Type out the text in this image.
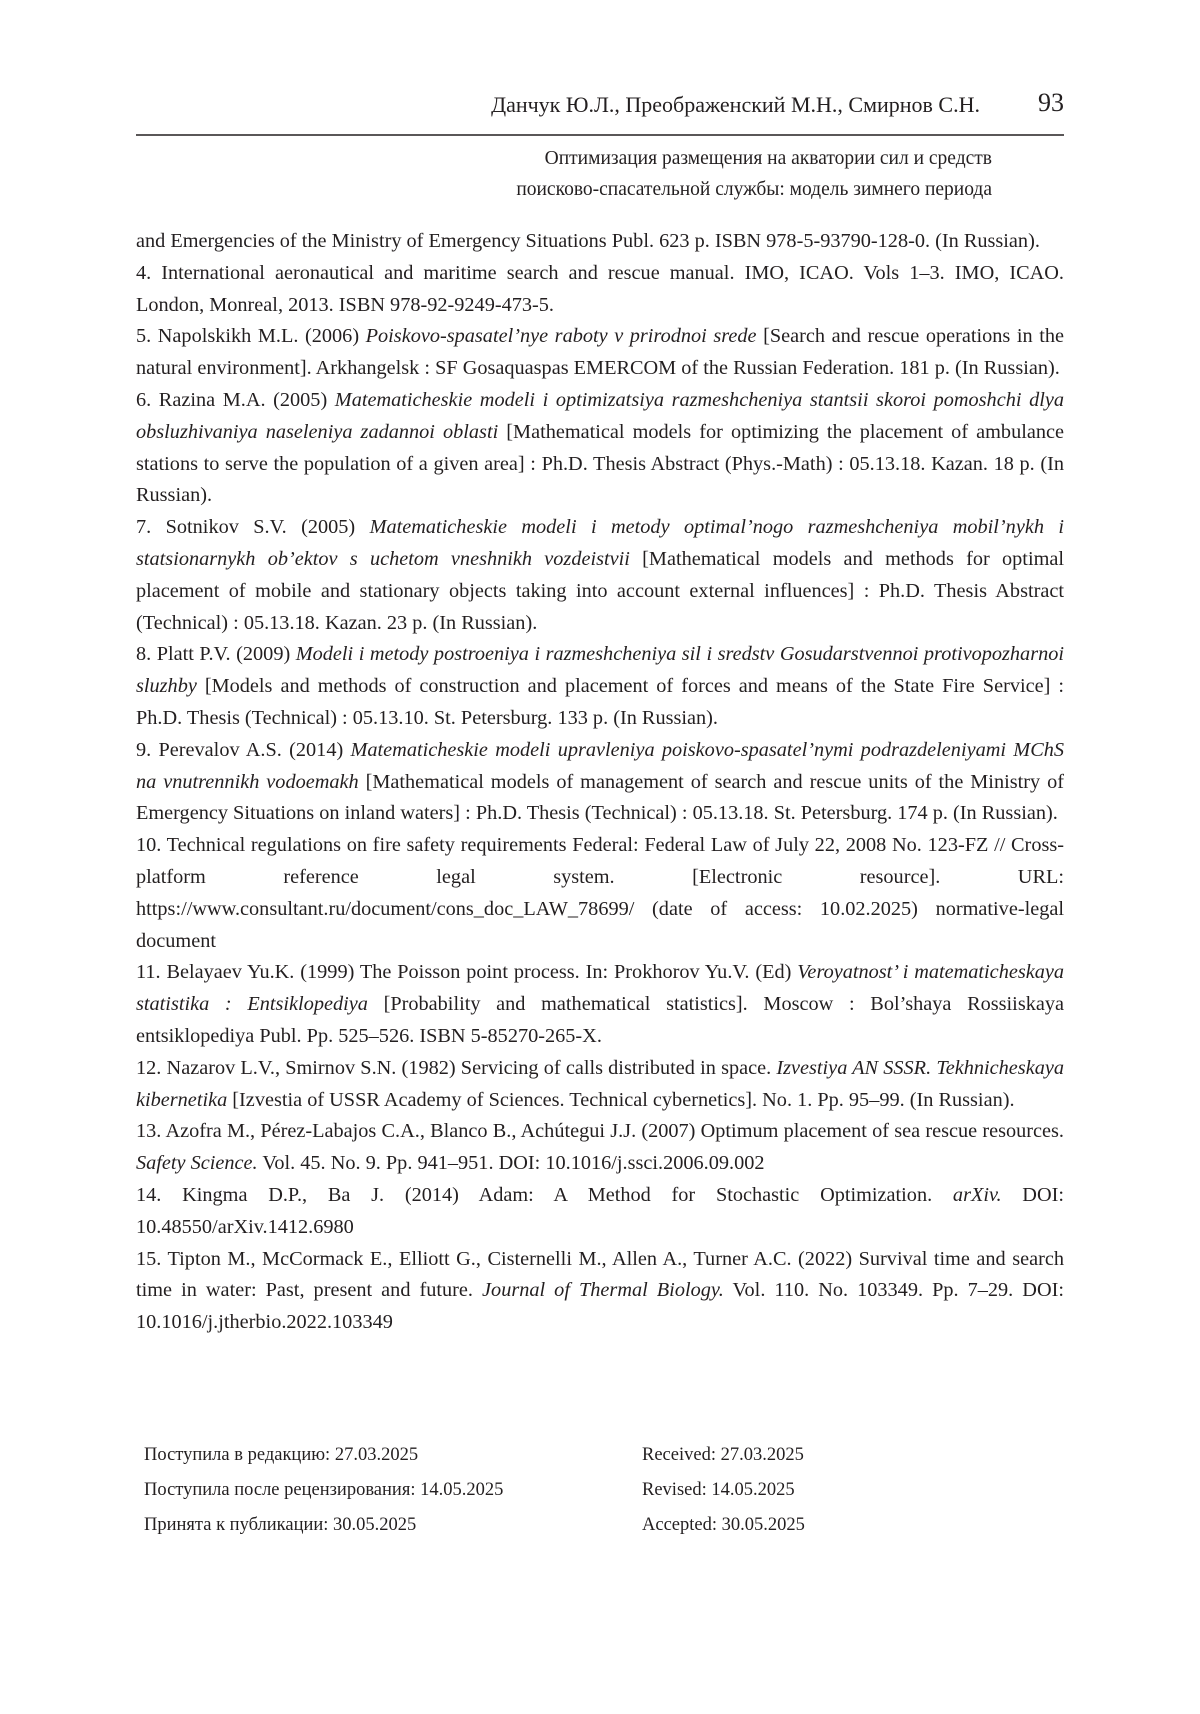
Данчук Ю.Л., Преображенский М.Н., Смирнов С.Н. 93
Оптимизация размещения на акватории сил и средств
поисково-спасательной службы: модель зимнего периода

and Emergencies of the Ministry of Emergency Situations Publ. 623 p. ISBN 978-5-93790-128-0. (In Russian).

4. International aeronautical and maritime search and rescue manual. IMO, ICAO. Vols 1–3. IMO, ICAO. London, Monreal, 2013. ISBN 978-92-9249-473-5.

5. Napolskikh M.L. (2006) Poiskovo-spasatel’nye raboty v prirodnoi srede [Search and rescue operations in the natural environment]. Arkhangelsk : SF Gosaquaspas EMERCOM of the Russian Federation. 181 p. (In Russian).

6. Razina M.A. (2005) Matematicheskie modeli i optimizatsiya razmeshcheniya stantsii skoroi pomoshchi dlya obsluzhivaniya naseleniya zadannoi oblasti [Mathematical models for optimizing the placement of ambulance stations to serve the population of a given area] : Ph.D. Thesis Abstract (Phys.-Math) : 05.13.18. Kazan. 18 p. (In Russian).

7. Sotnikov S.V. (2005) Matematicheskie modeli i metody optimal’nogo razmeshcheniya mobil’nykh i statsionarnykh ob’ektov s uchetom vneshnikh vozdeistvii [Mathematical models and methods for optimal placement of mobile and stationary objects taking into account external influences] : Ph.D. Thesis Abstract (Technical) : 05.13.18. Kazan. 23 p. (In Russian).

8. Platt P.V. (2009) Modeli i metody postroeniya i razmeshcheniya sil i sredstv Gosudarstvennoi protivopozharnoi sluzhby [Models and methods of construction and placement of forces and means of the State Fire Service] : Ph.D. Thesis (Technical) : 05.13.10. St. Petersburg. 133 p. (In Russian).

9. Perevalov A.S. (2014) Matematicheskie modeli upravleniya poiskovo-spasatel’nymi podrazdeleniyami MChS na vnutrennikh vodoemakh [Mathematical models of management of search and rescue units of the Ministry of Emergency Situations on inland waters] : Ph.D. Thesis (Technical) : 05.13.18. St. Petersburg. 174 p. (In Russian).

10. Technical regulations on fire safety requirements Federal: Federal Law of July 22, 2008 No. 123-FZ // Cross-platform reference legal system. [Electronic resource]. URL: https://www.consultant.ru/document/cons_doc_LAW_78699/ (date of access: 10.02.2025) normative-legal document

11. Belayaev Yu.K. (1999) The Poisson point process. In: Prokhorov Yu.V. (Ed) Veroyatnost’ i matematicheskaya statistika : Entsiklopediya [Probability and mathematical statistics]. Moscow : Bol’shaya Rossiiskaya entsiklopediya Publ. Pp. 525–526. ISBN 5-85270-265-X.

12. Nazarov L.V., Smirnov S.N. (1982) Servicing of calls distributed in space. Izvestiya AN SSSR. Tekhnicheskaya kibernetika [Izvestia of USSR Academy of Sciences. Technical cybernetics]. No. 1. Pp. 95–99. (In Russian).

13. Azofra M., Pérez-Labajos C.A., Blanco B., Achútegui J.J. (2007) Optimum placement of sea rescue resources. Safety Science. Vol. 45. No. 9. Pp. 941–951. DOI: 10.1016/j.ssci.2006.09.002

14. Kingma D.P., Ba J. (2014) Adam: A Method for Stochastic Optimization. arXiv. DOI: 10.48550/arXiv.1412.6980

15. Tipton M., McCormack E., Elliott G., Cisternelli M., Allen A., Turner A.C. (2022) Survival time and search time in water: Past, present and future. Journal of Thermal Biology. Vol. 110. No. 103349. Pp. 7–29. DOI: 10.1016/j.jtherbio.2022.103349

Поступила в редакцию: 27.03.2025	Received: 27.03.2025
Поступила после рецензирования: 14.05.2025	Revised: 14.05.2025
Принята к публикации: 30.05.2025	Accepted: 30.05.2025
